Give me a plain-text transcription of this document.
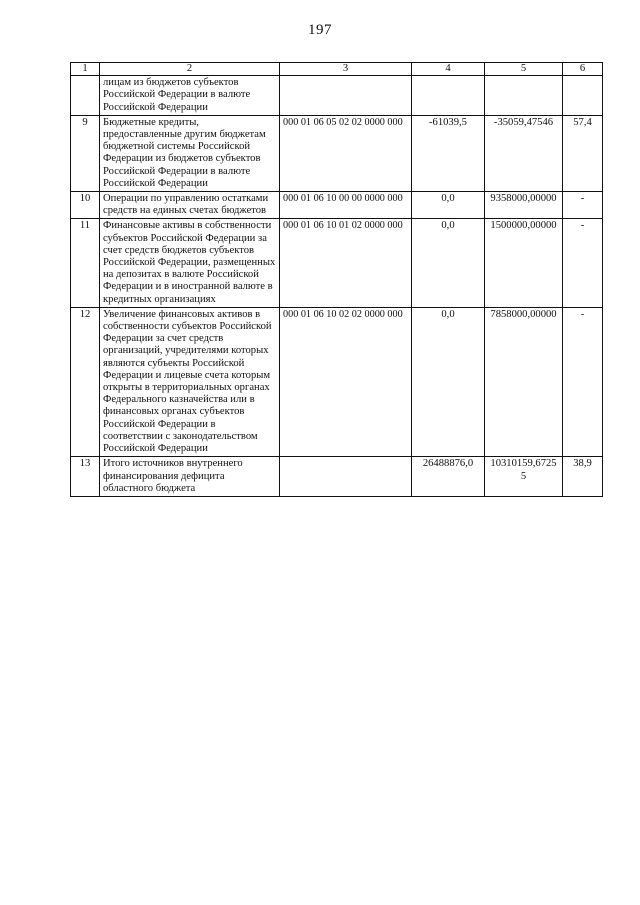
197
1	2	3	4	5	6
	лицам из бюджетов субъектов Российской Федерации в валюте Российской Федерации				
9	Бюджетные кредиты, предоставленные другим бюджетам бюджетной системы Российской Федерации из бюджетов субъектов Российской Федерации в валюте Российской Федерации	000 01 06 05 02 02 0000 000	-61039,5	-35059,47546	57,4
10	Операции по управлению остатками средств на единых счетах бюджетов	000 01 06 10 00 00 0000 000	0,0	9358000,00000	-
11	Финансовые активы в собственности субъектов Российской Федерации за счет средств бюджетов субъектов Российской Федерации, размещенных на депозитах в валюте Российской Федерации и в иностранной валюте в кредитных организациях	000 01 06 10 01 02 0000 000	0,0	1500000,00000	-
12	Увеличение финансовых активов в собственности субъектов Российской Федерации за счет средств организаций, учредителями которых являются субъекты Российской Федерации и лицевые счета которым открыты в территориальных органах Федерального казначейства или в финансовых органах субъектов Российской Федерации в соответствии с законодательством Российской Федерации	000 01 06 10 02 02 0000 000	0,0	7858000,00000	-
13	Итого источников внутреннего финансирования дефицита областного бюджета		26488876,0	10310159,67255	38,9
